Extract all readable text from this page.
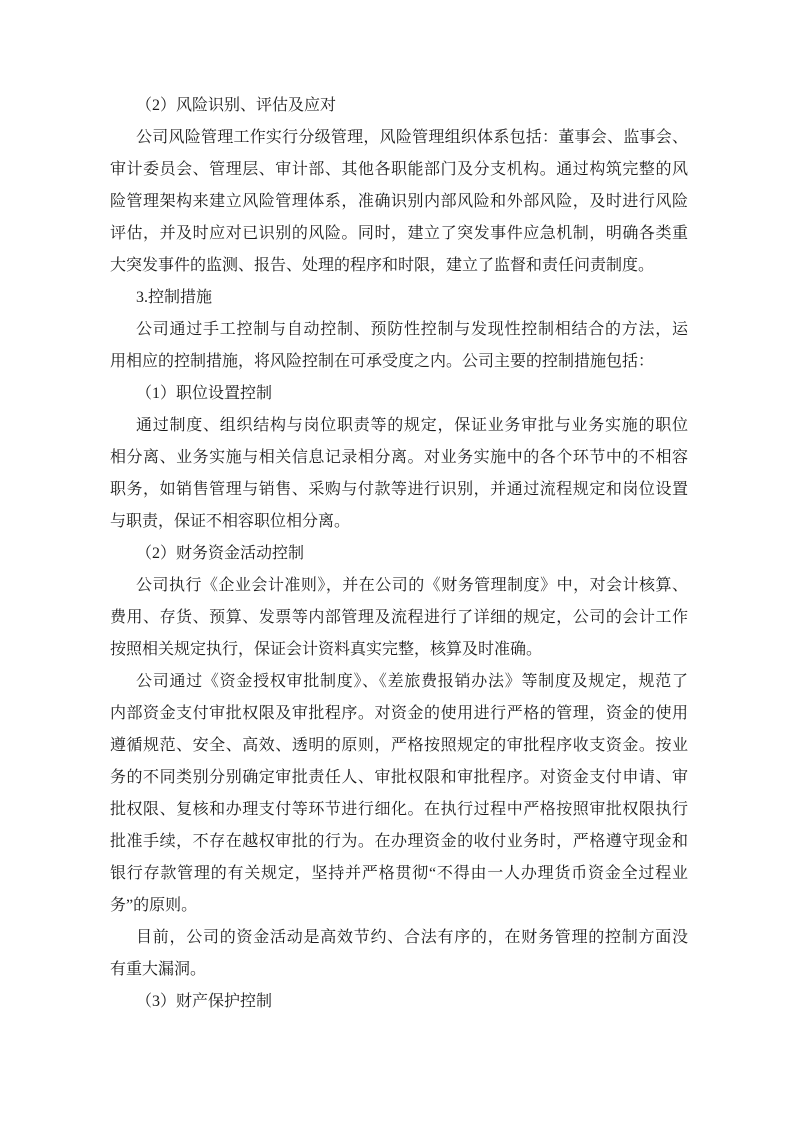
（2）风险识别、评估及应对
公司风险管理工作实行分级管理，风险管理组织体系包括：董事会、监事会、
审计委员会、管理层、审计部、其他各职能部门及分支机构。通过构筑完整的风
险管理架构来建立风险管理体系，准确识别内部风险和外部风险，及时进行风险
评估，并及时应对已识别的风险。同时，建立了突发事件应急机制，明确各类重
大突发事件的监测、报告、处理的程序和时限，建立了监督和责任问责制度。
3.控制措施
公司通过手工控制与自动控制、预防性控制与发现性控制相结合的方法，运
用相应的控制措施，将风险控制在可承受度之内。公司主要的控制措施包括：
（1）职位设置控制
通过制度、组织结构与岗位职责等的规定，保证业务审批与业务实施的职位
相分离、业务实施与相关信息记录相分离。对业务实施中的各个环节中的不相容
职务，如销售管理与销售、采购与付款等进行识别，并通过流程规定和岗位设置
与职责，保证不相容职位相分离。
（2）财务资金活动控制
公司执行《企业会计准则》，并在公司的《财务管理制度》中，对会计核算、
费用、存货、预算、发票等内部管理及流程进行了详细的规定，公司的会计工作
按照相关规定执行，保证会计资料真实完整，核算及时准确。
公司通过《资金授权审批制度》、《差旅费报销办法》等制度及规定，规范了
内部资金支付审批权限及审批程序。对资金的使用进行严格的管理，资金的使用
遵循规范、安全、高效、透明的原则，严格按照规定的审批程序收支资金。按业
务的不同类别分别确定审批责任人、审批权限和审批程序。对资金支付申请、审
批权限、复核和办理支付等环节进行细化。在执行过程中严格按照审批权限执行
批准手续，不存在越权审批的行为。在办理资金的收付业务时，严格遵守现金和
银行存款管理的有关规定，坚持并严格贯彻“不得由一人办理货币资金全过程业
务”的原则。
目前，公司的资金活动是高效节约、合法有序的，在财务管理的控制方面没
有重大漏洞。
（3）财产保护控制
